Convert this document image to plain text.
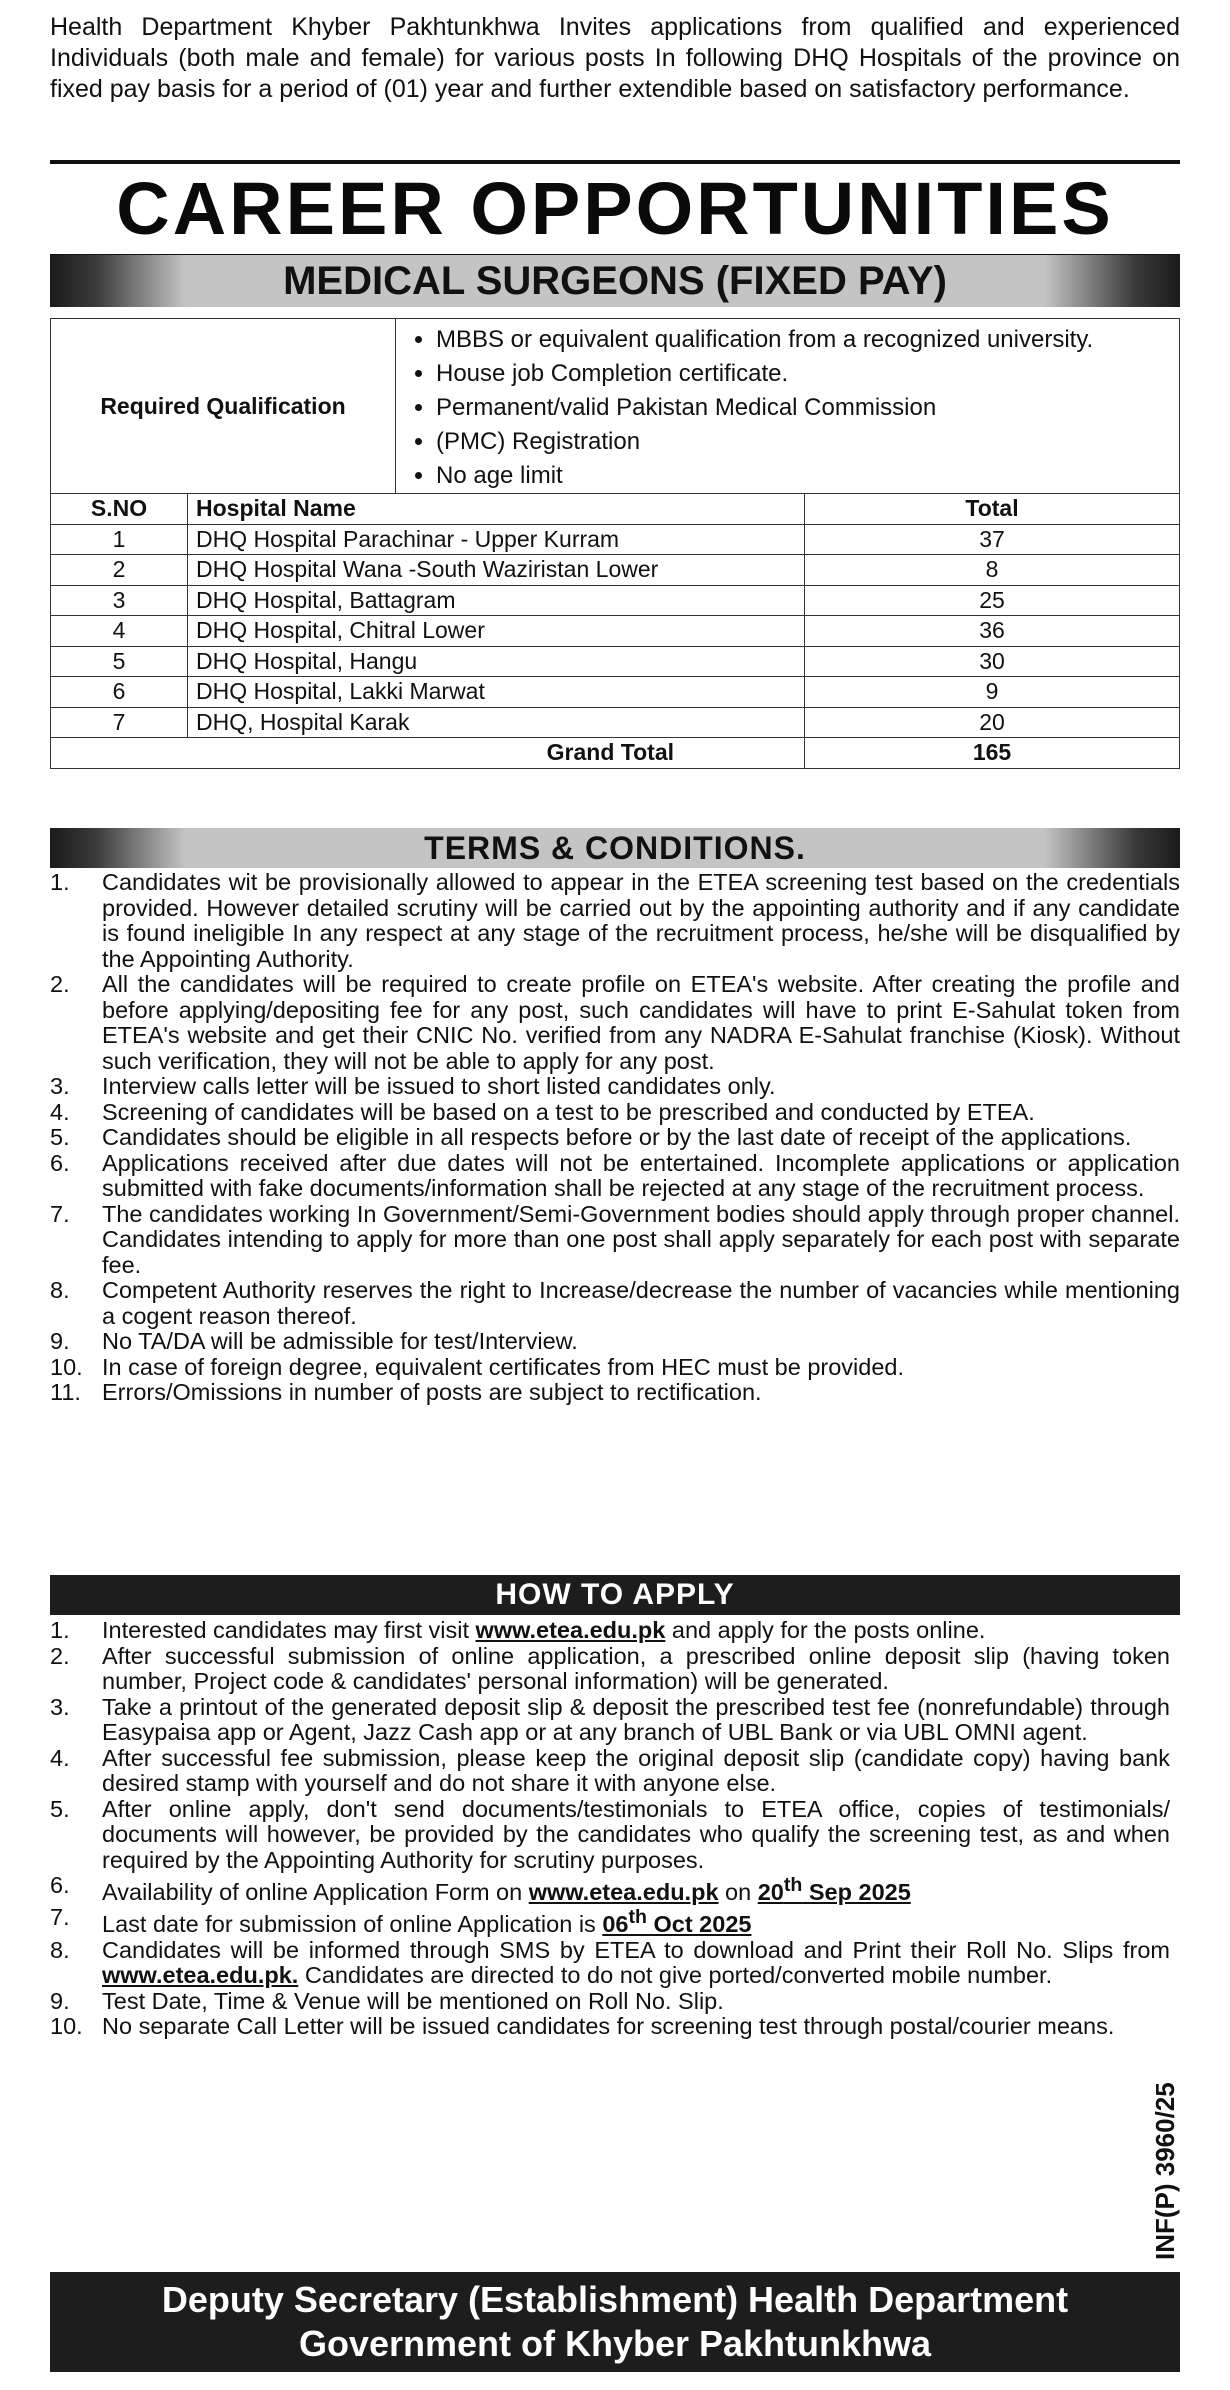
Health Department Khyber Pakhtunkhwa Invites applications from qualified and experienced Individuals (both male and female) for various posts In following DHQ Hospitals of the province on fixed pay basis for a period of (01) year and further extendible based on satisfactory performance.
CAREER OPPORTUNITIES
MEDICAL SURGEONS (FIXED PAY)
Required Qualification
• MBBS or equivalent qualification from a recognized university.
• House job Completion certificate.
• Permanent/valid Pakistan Medical Commission
• (PMC) Registration
• No age limit
S.NO	Hospital Name	Total
1	DHQ Hospital Parachinar - Upper Kurram	37
2	DHQ Hospital Wana -South Waziristan Lower	8
3	DHQ Hospital, Battagram	25
4	DHQ Hospital, Chitral Lower	36
5	DHQ Hospital, Hangu	30
6	DHQ Hospital, Lakki Marwat	9
7	DHQ, Hospital Karak	20
Grand Total		165
TERMS & CONDITIONS.
1. Candidates wit be provisionally allowed to appear in the ETEA screening test based on the credentials provided. However detailed scrutiny will be carried out by the appointing authority and if any candidate is found ineligible In any respect at any stage of the recruitment process, he/she will be disqualified by the Appointing Authority.
2. All the candidates will be required to create profile on ETEA's website. After creating the profile and before applying/depositing fee for any post, such candidates will have to print E-Sahulat token from ETEA's website and get their CNIC No. verified from any NADRA E-Sahulat franchise (Kiosk). Without such verification, they will not be able to apply for any post.
3. Interview calls letter will be issued to short listed candidates only.
4. Screening of candidates will be based on a test to be prescribed and conducted by ETEA.
5. Candidates should be eligible in all respects before or by the last date of receipt of the applications.
6. Applications received after due dates will not be entertained. Incomplete applications or application submitted with fake documents/information shall be rejected at any stage of the recruitment process.
7. The candidates working In Government/Semi-Government bodies should apply through proper channel. Candidates intending to apply for more than one post shall apply separately for each post with separate fee.
8. Competent Authority reserves the right to Increase/decrease the number of vacancies while mentioning a cogent reason thereof.
9. No TA/DA will be admissible for test/Interview.
10. In case of foreign degree, equivalent certificates from HEC must be provided.
11. Errors/Omissions in number of posts are subject to rectification.
HOW TO APPLY
1. Interested candidates may first visit www.etea.edu.pk and apply for the posts online.
2. After successful submission of online application, a prescribed online deposit slip (having token number, Project code & candidates' personal information) will be generated.
3. Take a printout of the generated deposit slip & deposit the prescribed test fee (nonrefundable) through Easypaisa app or Agent, Jazz Cash app or at any branch of UBL Bank or via UBL OMNI agent.
4. After successful fee submission, please keep the original deposit slip (candidate copy) having bank desired stamp with yourself and do not share it with anyone else.
5. After online apply, don't send documents/testimonials to ETEA office, copies of testimonials/ documents will however, be provided by the candidates who qualify the screening test, as and when required by the Appointing Authority for scrutiny purposes.
6. Availability of online Application Form on www.etea.edu.pk on 20th Sep 2025
7. Last date for submission of online Application is 06th Oct 2025
8. Candidates will be informed through SMS by ETEA to download and Print their Roll No. Slips from www.etea.edu.pk. Candidates are directed to do not give ported/converted mobile number.
9. Test Date, Time & Venue will be mentioned on Roll No. Slip.
10. No separate Call Letter will be issued candidates for screening test through postal/courier means.
INF(P) 3960/25
Deputy Secretary (Establishment) Health Department
Government of Khyber Pakhtunkhwa
